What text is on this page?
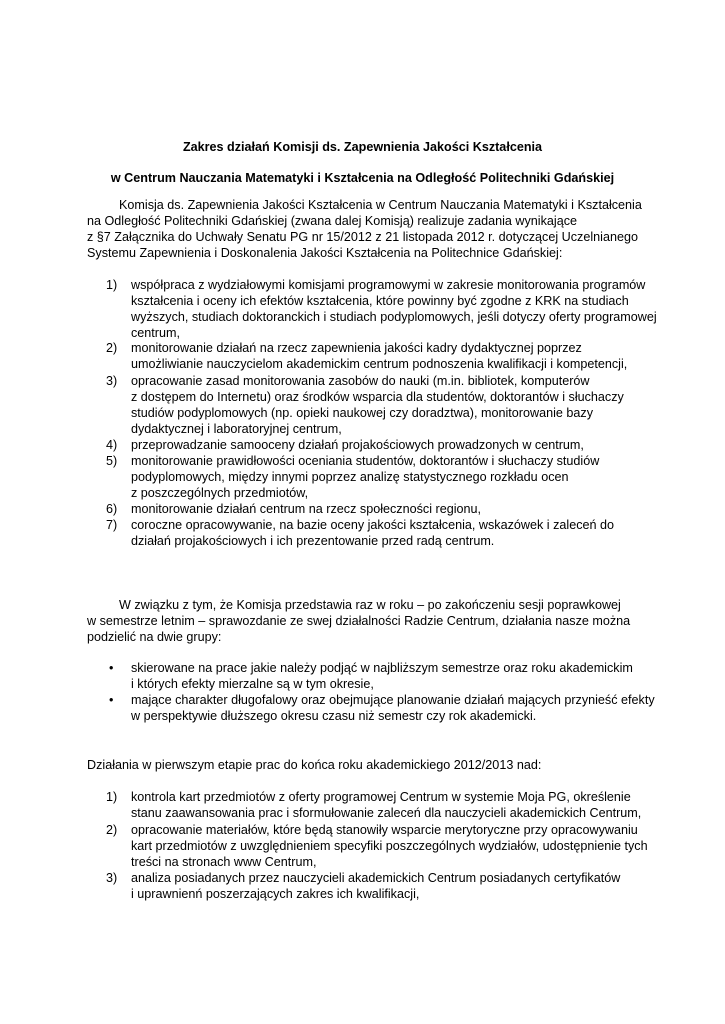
Zakres działań Komisji ds. Zapewnienia Jakości Kształcenia
w Centrum Nauczania Matematyki i Kształcenia na Odległość Politechniki Gdańskiej
Komisja ds. Zapewnienia Jakości Kształcenia w Centrum Nauczania Matematyki i Kształcenia
na Odległość Politechniki Gdańskiej (zwana dalej Komisją) realizuje zadania wynikające
z §7 Załącznika do Uchwały Senatu PG nr 15/2012 z 21 listopada 2012 r. dotyczącej Uczelnianego
Systemu Zapewnienia i Doskonalenia Jakości Kształcenia na Politechnice Gdańskiej:
1) współpraca z wydziałowymi komisjami programowymi w zakresie monitorowania programów
kształcenia i oceny ich efektów kształcenia, które powinny być zgodne z KRK na studiach
wyższych, studiach doktoranckich i studiach podyplomowych, jeśli dotyczy oferty programowej
centrum,
2) monitorowanie działań na rzecz zapewnienia jakości kadry dydaktycznej poprzez
umożliwianie nauczycielom akademickim centrum podnoszenia kwalifikacji i kompetencji,
3) opracowanie zasad monitorowania zasobów do nauki (m.in. bibliotek, komputerów
z dostępem do Internetu) oraz środków wsparcia dla studentów, doktorantów i słuchaczy
studiów podyplomowych (np. opieki naukowej czy doradztwa), monitorowanie bazy
dydaktycznej i laboratoryjnej centrum,
4) przeprowadzanie samooceny działań projakościowych prowadzonych w centrum,
5) monitorowanie prawidłowości oceniania studentów, doktorantów i słuchaczy studiów
podyplomowych, między innymi poprzez analizę statystycznego rozkładu ocen
z poszczególnych przedmiotów,
6) monitorowanie działań centrum na rzecz społeczności regionu,
7) coroczne opracowywanie, na bazie oceny jakości kształcenia, wskazówek i zaleceń do
działań projakościowych i ich prezentowanie przed radą centrum.
W związku z tym, że Komisja przedstawia raz w roku – po zakończeniu sesji poprawkowej
w semestrze letnim – sprawozdanie ze swej działalności Radzie Centrum, działania nasze można
podzielić na dwie grupy:
• skierowane na prace jakie należy podjąć w najbliższym semestrze oraz roku akademickim
i których efekty mierzalne są w tym okresie,
• mające charakter długofalowy oraz obejmujące planowanie działań mających przynieść efekty
w perspektywie dłuższego okresu czasu niż semestr czy rok akademicki.
Działania w pierwszym etapie prac do końca roku akademickiego 2012/2013 nad:
1) kontrola kart przedmiotów z oferty programowej Centrum w systemie Moja PG, określenie
stanu zaawansowania prac i sformułowanie zaleceń dla nauczycieli akademickich Centrum,
2) opracowanie materiałów, które będą stanowiły wsparcie merytoryczne przy opracowywaniu
kart przedmiotów z uwzględnieniem specyfiki poszczególnych wydziałów, udostępnienie tych
treści na stronach www Centrum,
3) analiza posiadanych przez nauczycieli akademickich Centrum posiadanych certyfikatów
i uprawnienń poszerzających zakres ich kwalifikacji,
